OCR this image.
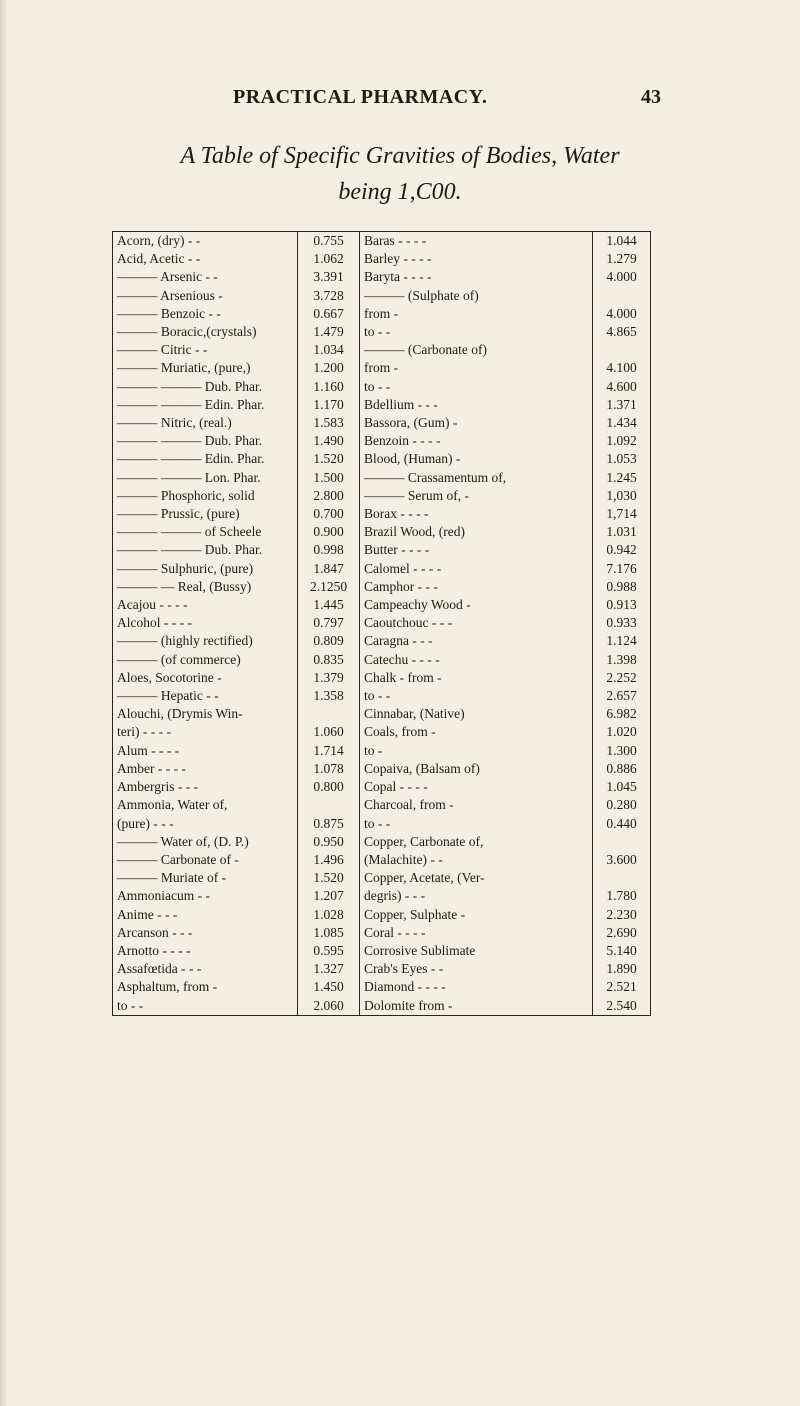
PRACTICAL PHARMACY.	43
A Table of Specific Gravities of Bodies, Water
being 1,C00.
Acorn, (dry) - -	0.755	Baras - - - -	1.044
Acid, Acetic - -	1.062	Barley - - - -	1.279
——— Arsenic - -	3.391	Baryta - - - -	4.000
——— Arsenious -	3.728	——— (Sulphate of)	
——— Benzoic - -	0.667	from -	4.000
——— Boracic,(crystals)	1.479	to - -	4.865
——— Citric - -	1.034	——— (Carbonate of)	
——— Muriatic, (pure,)	1.200	from -	4.100
——— ——— Dub. Phar.	1.160	to - -	4.600
——— ——— Edin. Phar.	1.170	Bdellium - - -	1.371
——— Nitric, (real.)	1.583	Bassora, (Gum) -	1.434
——— ——— Dub. Phar.	1.490	Benzoin - - - -	1.092
——— ——— Edin. Phar.	1.520	Blood, (Human) -	1.053
——— ——— Lon. Phar.	1.500	——— Crassamentum of,	1.245
——— Phosphoric, solid	2.800	——— Serum of, -	1,030
——— Prussic, (pure)	0.700	Borax - - - -	1,714
——— ——— of Scheele	0.900	Brazil Wood, (red)	1.031
——— ——— Dub. Phar.	0.998	Butter - - - -	0.942
——— Sulphuric, (pure)	1.847	Calomel - - - -	7.176
——— — Real, (Bussy)	2.1250	Camphor - - -	0.988
Acajou - - - -	1.445	Campeachy Wood -	0.913
Alcohol - - - -	0.797	Caoutchouc - - -	0.933
——— (highly rectified)	0.809	Caragna - - -	1.124
——— (of commerce)	0.835	Catechu - - - -	1.398
Aloes, Socotorine -	1.379	Chalk - from -	2.252
——— Hepatic - -	1.358	to - -	2.657
Alouchi, (Drymis Win-		Cinnabar, (Native)	6.982
teri) - - - -	1.060	Coals, from -	1.020
Alum - - - -	1.714	to -	1.300
Amber - - - -	1.078	Copaiva, (Balsam of)	0.886
Ambergris - - -	0.800	Copal - - - -	1.045
Ammonia, Water of,		Charcoal, from -	0.280
(pure) - - -	0.875	to - -	0.440
——— Water of, (D. P.)	0.950	Copper, Carbonate of,	
——— Carbonate of -	1.496	(Malachite) - -	3.600
——— Muriate of -	1.520	Copper, Acetate, (Ver-	
Ammoniacum - -	1.207	degris) - - -	1.780
Anime - - -	1.028	Copper, Sulphate -	2.230
Arcanson - - -	1.085	Coral - - - -	2.690
Arnotto - - - -	0.595	Corrosive Sublimate	5.140
Assafœtida - - -	1.327	Crab's Eyes - -	1.890
Asphaltum, from -	1.450	Diamond - - - -	2.521
to - -	2.060	Dolomite from -	2.540
